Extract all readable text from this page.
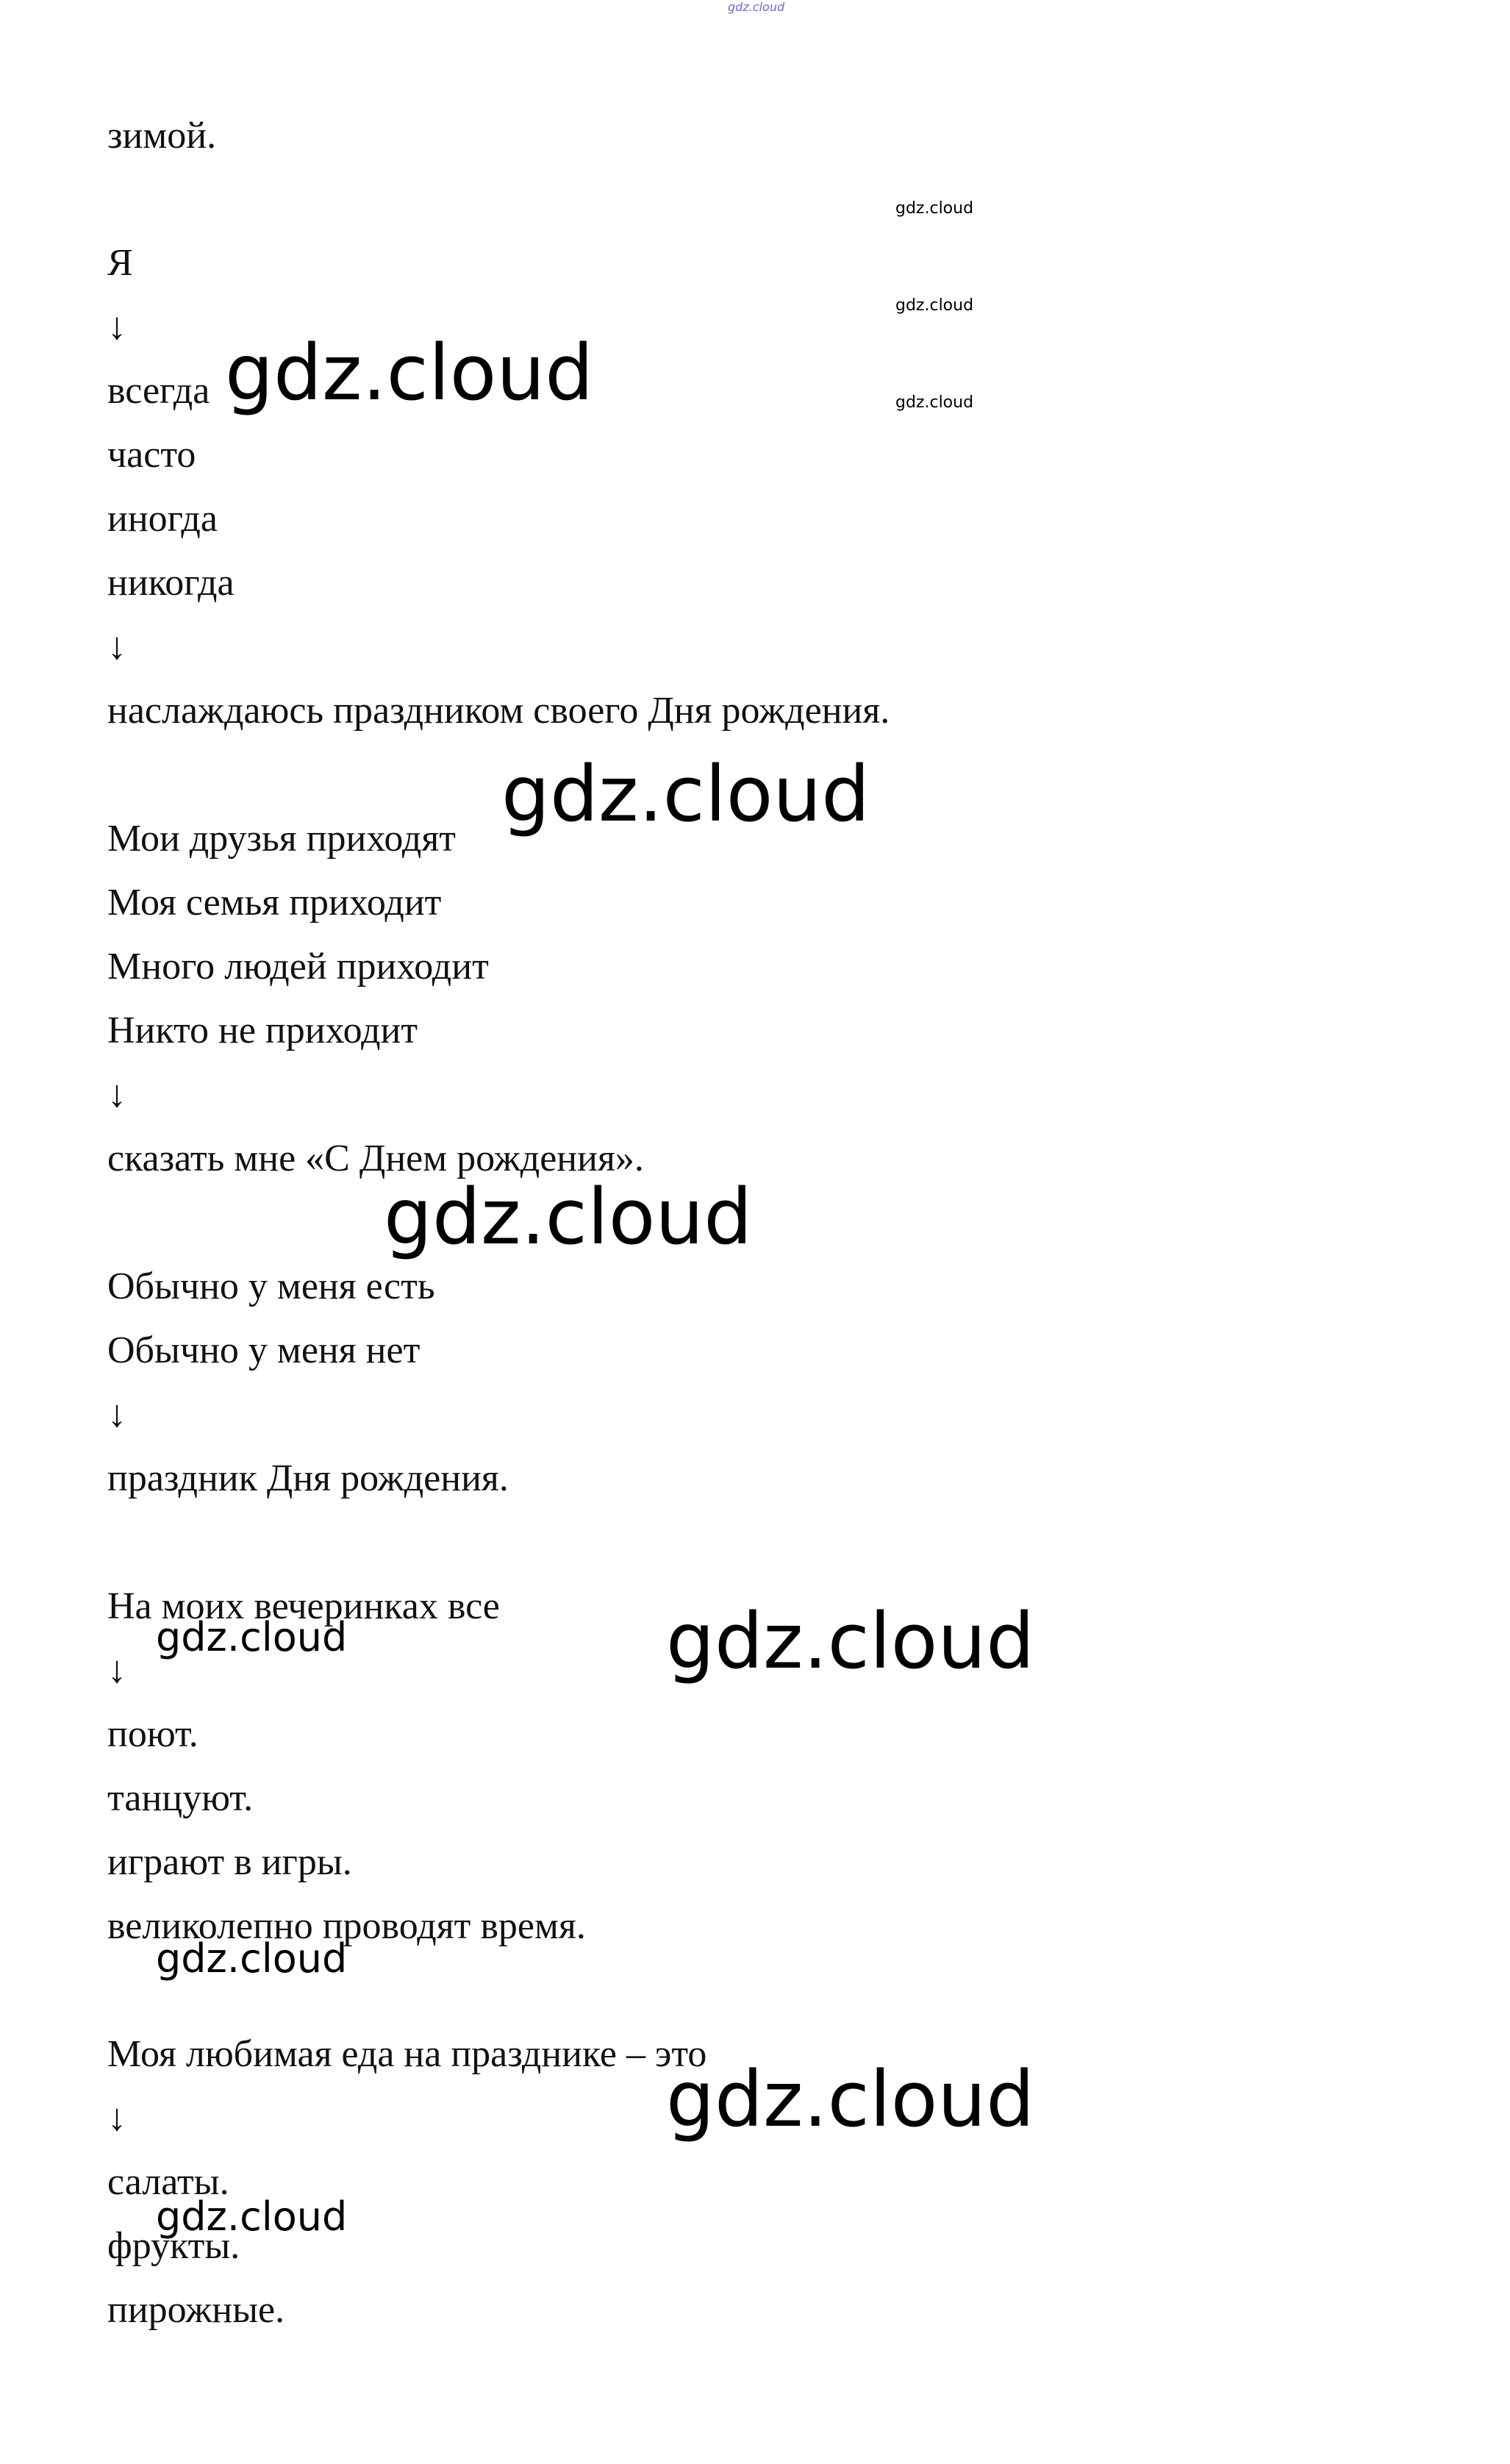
gdz.cloud
зимой.
Я
↓
всегда
часто
иногда
никогда
↓
наслаждаюсь праздником своего Дня рождения.
Мои друзья приходят
Моя семья приходит
Много людей приходит
Никто не приходит
↓
сказать мне «С Днем рождения».
Обычно у меня есть
Обычно у меня нет
↓
праздник Дня рождения.
На моих вечеринках все
↓
поют.
танцуют.
играют в игры.
великолепно проводят время.
Моя любимая еда на празднике – это
↓
салаты.
фрукты.
пирожные.
gdz.cloud
gdz.cloud
gdz.cloud
gdz.cloud
gdz.cloud
gdz.cloud
gdz.cloud
gdz.cloud
gdz.cloud
gdz.cloud
gdz.cloud
